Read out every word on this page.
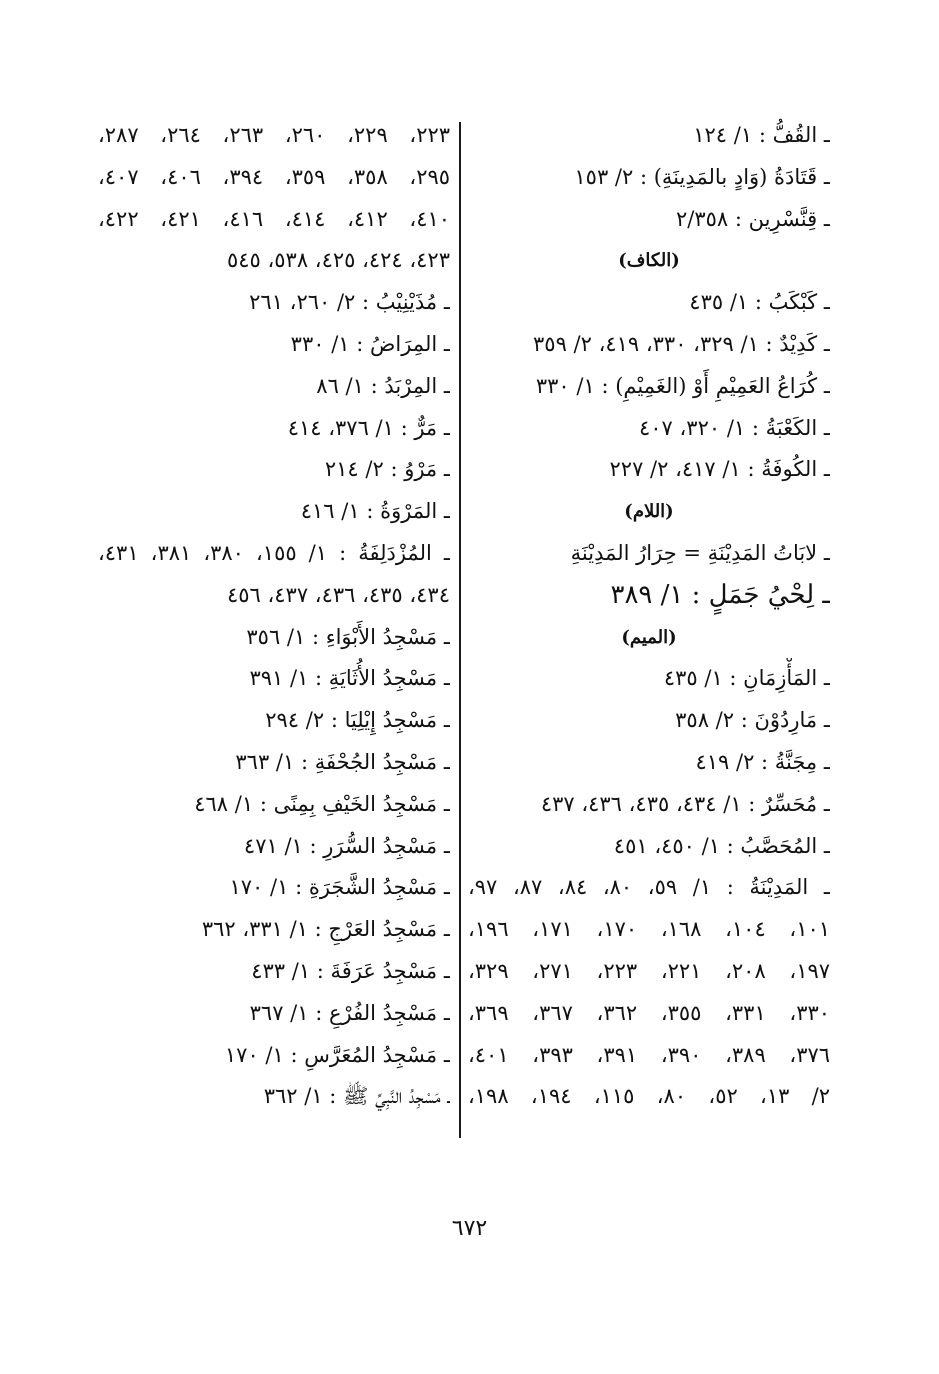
ـ القُفُّ : ١/ ١٢٤
ـ قَتَادَةُ (وَادٍ بالمَدِينَةِ) : ٢/ ١٥٣
ـ قِنَّسْرِين : ٢/٣٥٨
(الكاف)
ـ كَبْكَبُ : ١/ ٤٣٥
ـ كَدِيْدٌ : ١/ ٣٢٩، ٣٣٠، ٤١٩، ٢/ ٣٥٩
ـ كُرَاعُ العَمِيْمِ أَوْ (الغَمِيْمِ) : ١/ ٣٣٠
ـ الكَعْبَةُ : ١/ ٣٢٠، ٤٠٧
ـ الكُوفَةُ : ١/ ٤١٧، ٢/ ٢٢٧
(اللام)
ـ لابَاتُ المَدِيْنَةِ = حِرَارُ المَدِيْنَةِ
ـ لِحْيُ جَمَلٍ : ١/ ٣٨٩
(الميم)
ـ المَأْزِمَانِ : ١/ ٤٣٥
ـ مَارِدُوْنَ : ٢/ ٣٥٨
ـ مِجَنَّةُ : ٢/ ٤١٩
ـ مُحَسِّرٌ : ١/ ٤٣٤، ٤٣٥، ٤٣٦، ٤٣٧
ـ المُحَصَّبُ : ١/ ٤٥٠، ٤٥١
ـ المَدِيْنَةُ : ١/ ٥٩، ٨٠، ٨٤، ٨٧، ٩٧،
١٠١، ١٠٤، ١٦٨، ١٧٠، ١٧١، ١٩٦،
١٩٧، ٢٠٨، ٢٢١، ٢٢٣، ٢٧١، ٣٢٩،
٣٣٠، ٣٣١، ٣٥٥، ٣٦٢، ٣٦٧، ٣٦٩،
٣٧٦، ٣٨٩، ٣٩٠، ٣٩١، ٣٩٣، ٤٠١،
٢/ ١٣، ٥٢، ٨٠، ١١٥، ١٩٤، ١٩٨،
٢٢٣، ٢٢٩، ٢٦٠، ٢٦٣، ٢٦٤، ٢٨٧،
٢٩٥، ٣٥٨، ٣٥٩، ٣٩٤، ٤٠٦، ٤٠٧،
٤١٠، ٤١٢، ٤١٤، ٤١٦، ٤٢١، ٤٢٢،
٤٢٣، ٤٢٤، ٤٢٥، ٥٣٨، ٥٤٥
ـ مُذَيْنِيْبُ : ٢/ ٢٦٠، ٢٦١
ـ المِرَاضُ : ١/ ٣٣٠
ـ المِرْبَدُ : ١/ ٨٦
ـ مَرٌّ : ١/ ٣٧٦، ٤١٤
ـ مَرْوُ : ٢/ ٢١٤
ـ المَرْوَةُ : ١/ ٤١٦
ـ المُزْدَلِفَةُ : ١/ ١٥٥، ٣٨٠، ٣٨١، ٤٣١،
٤٣٤، ٤٣٥، ٤٣٦، ٤٣٧، ٤٥٦
ـ مَسْجِدُ الأَبْوَاءِ : ١/ ٣٥٦
ـ مَسْجِدُ الأُثَايَةِ : ١/ ٣٩١
ـ مَسْجِدُ إِيْلِيَا : ٢/ ٢٩٤
ـ مَسْجِدُ الجُحْفَةِ : ١/ ٣٦٣
ـ مَسْجِدُ الخَيْفِ بِمِنًى : ١/ ٤٦٨
ـ مَسْجِدُ السُّرَرِ : ١/ ٤٧١
ـ مَسْجِدُ الشَّجَرَةِ : ١/ ١٧٠
ـ مَسْجِدُ العَرْجِ : ١/ ٣٣١، ٣٦٢
ـ مَسْجِدُ عَرَفَةَ : ١/ ٤٣٣
ـ مَسْجِدُ الفُرْعِ : ١/ ٣٦٧
ـ مَسْجِدُ المُعَرَّسِ : ١/ ١٧٠
ـ مَسْجِدُ النَّبِيِّ ﷺ : ١/ ٣٦٢
٦٧٢
